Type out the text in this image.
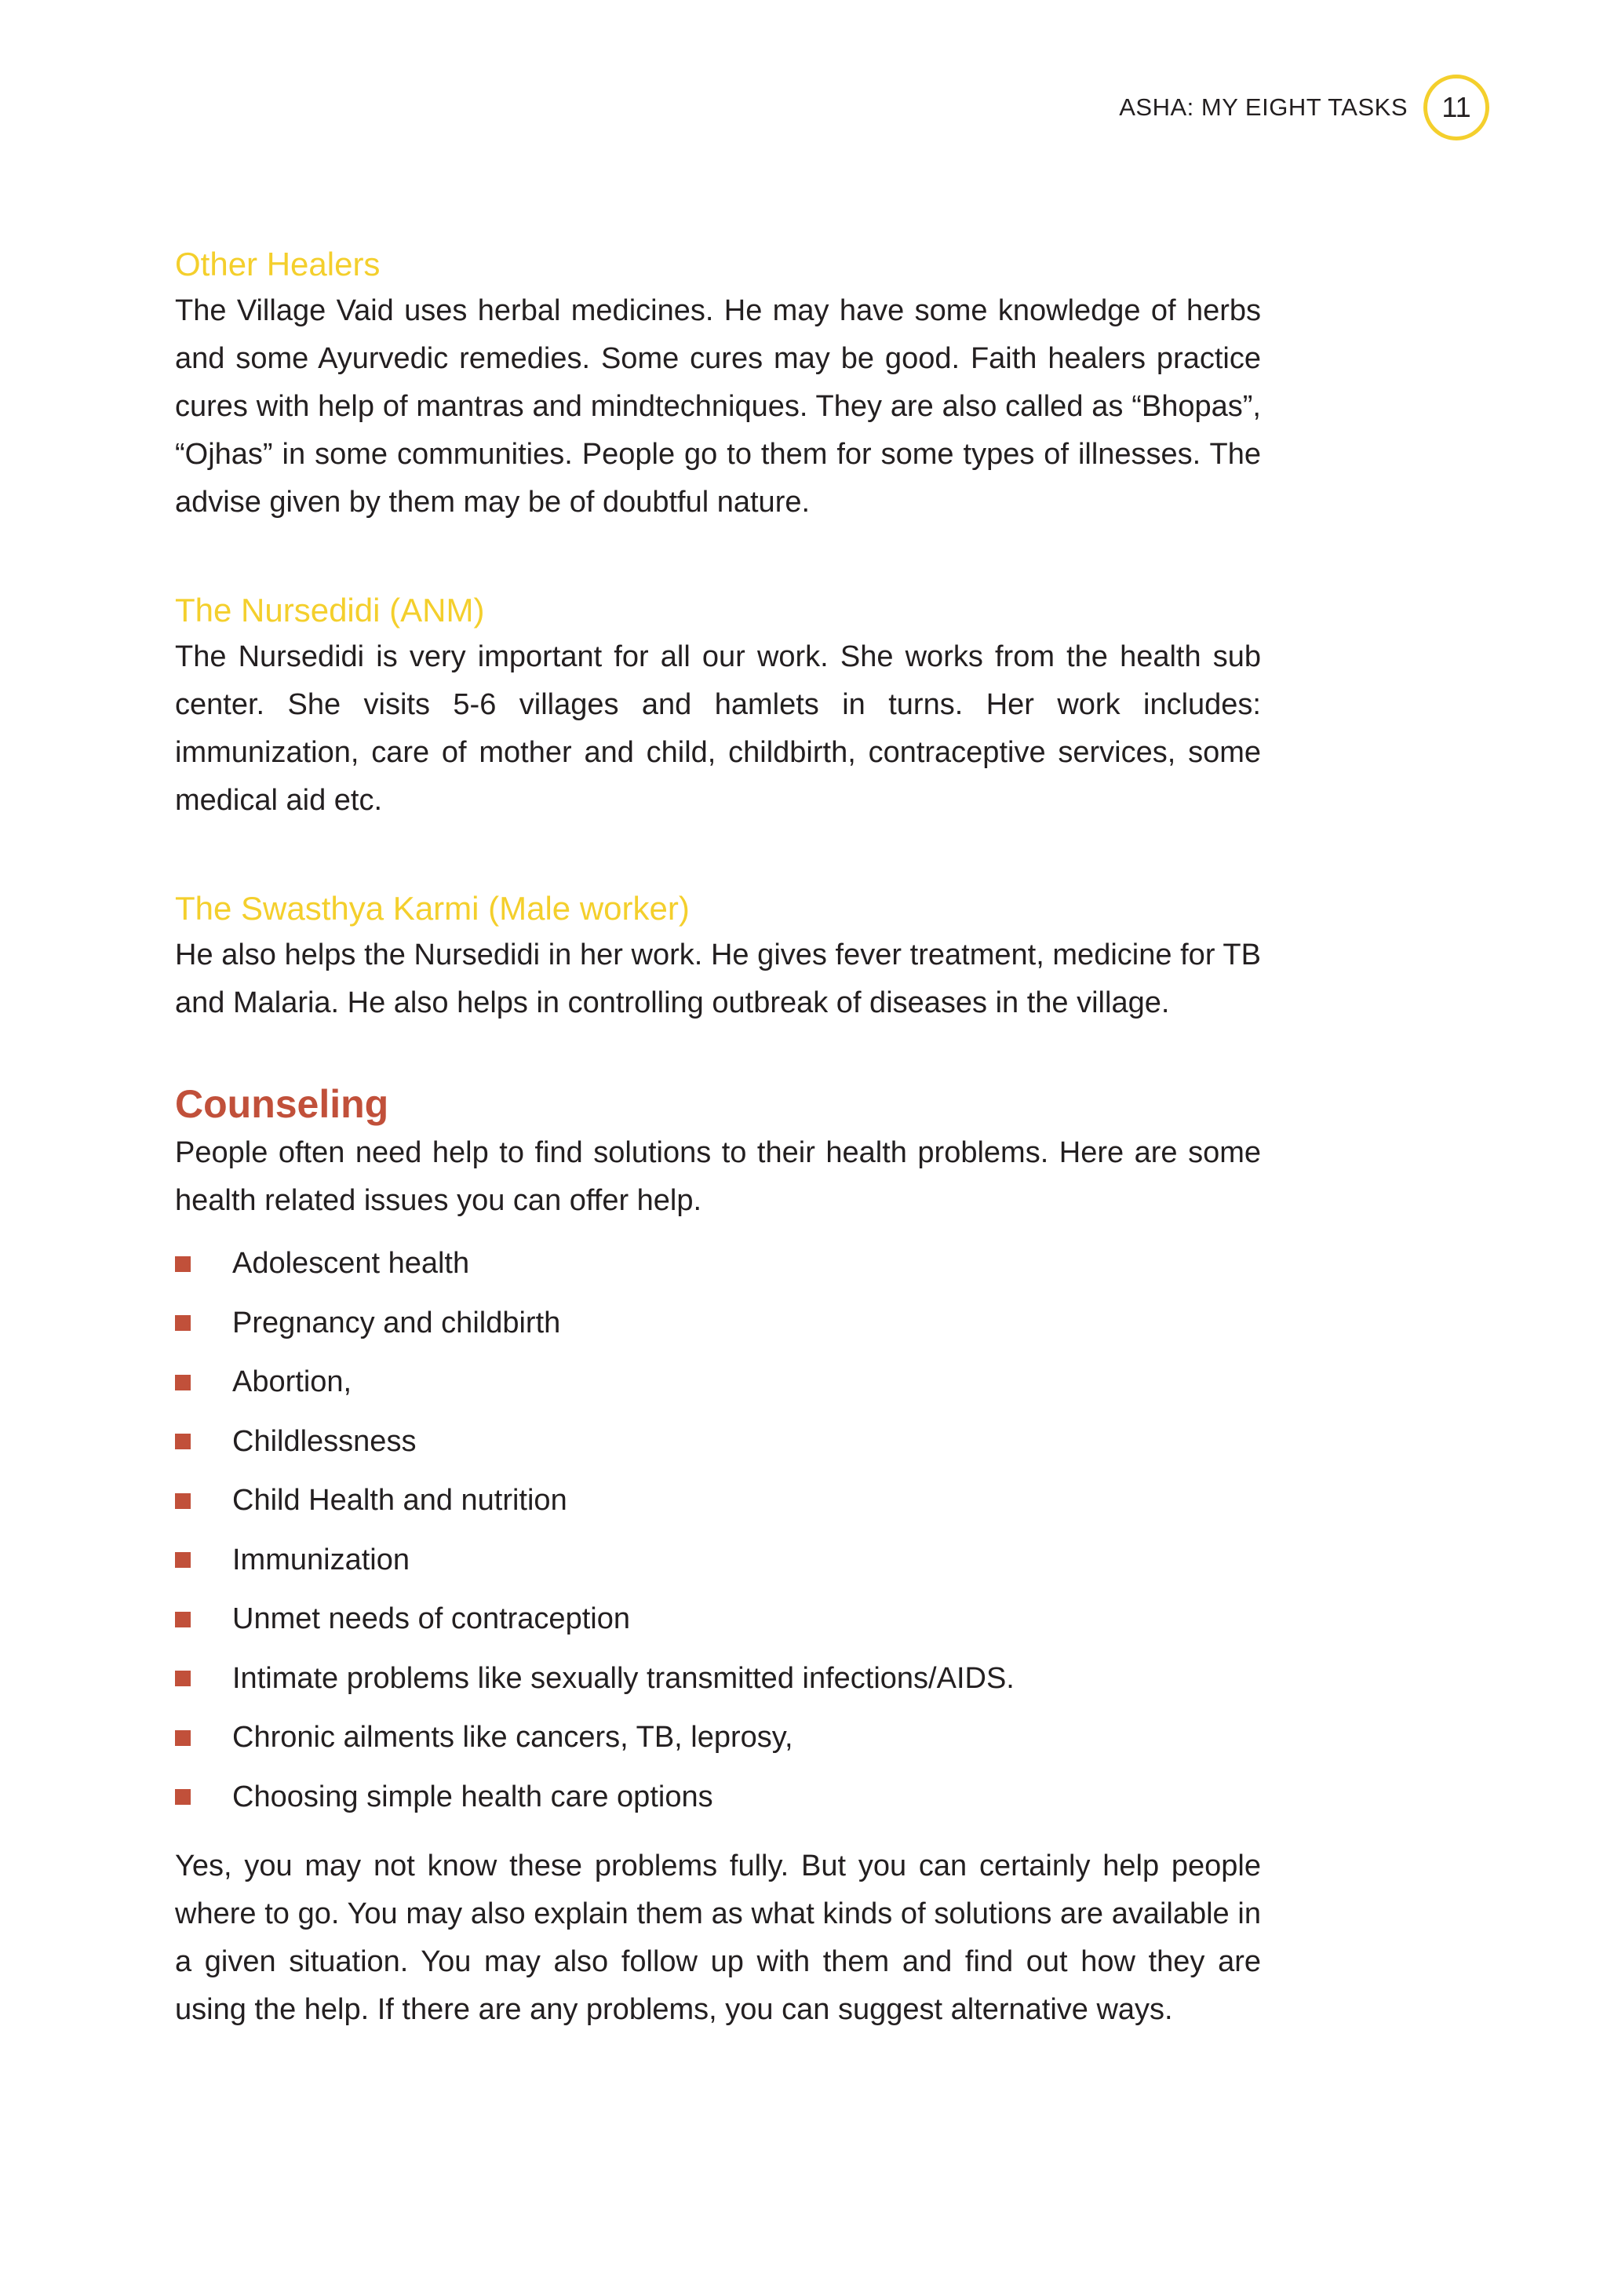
ASHA: MY EIGHT TASKS	11
Other Healers

The Village Vaid uses herbal medicines. He may have some knowledge of herbs and some Ayurvedic remedies. Some cures may be good. Faith healers practice cures with help of mantras and mindtechniques. They are also called as “Bhopas”, “Ojhas” in some communities. People go to them for some types of illnesses. The advise given by them may be of doubtful nature.

The Nursedidi (ANM)

The Nursedidi is very important for all our work. She works from the health sub center. She visits 5-6 villages and hamlets in turns. Her work includes: immunization, care of mother and child, childbirth, contraceptive services, some medical aid etc.

The Swasthya Karmi (Male worker)

He also helps the Nursedidi in her work. He gives fever treatment, medicine for TB and Malaria. He also helps in controlling outbreak of diseases in the village.

Counseling

People often need help to find solutions to their health problems. Here are some health related issues you can offer help.

Adolescent health
Pregnancy and childbirth
Abortion,
Childlessness
Child Health and nutrition
Immunization
Unmet needs of contraception
Intimate problems like sexually transmitted infections/AIDS.
Chronic ailments like cancers, TB, leprosy,
Choosing simple health care options

Yes, you may not know these problems fully. But you can certainly help people where to go. You may also explain them as what kinds of solutions are available in a given situation. You may also follow up with them and find out how they are using the help. If there are any problems, you can suggest alternative ways.
